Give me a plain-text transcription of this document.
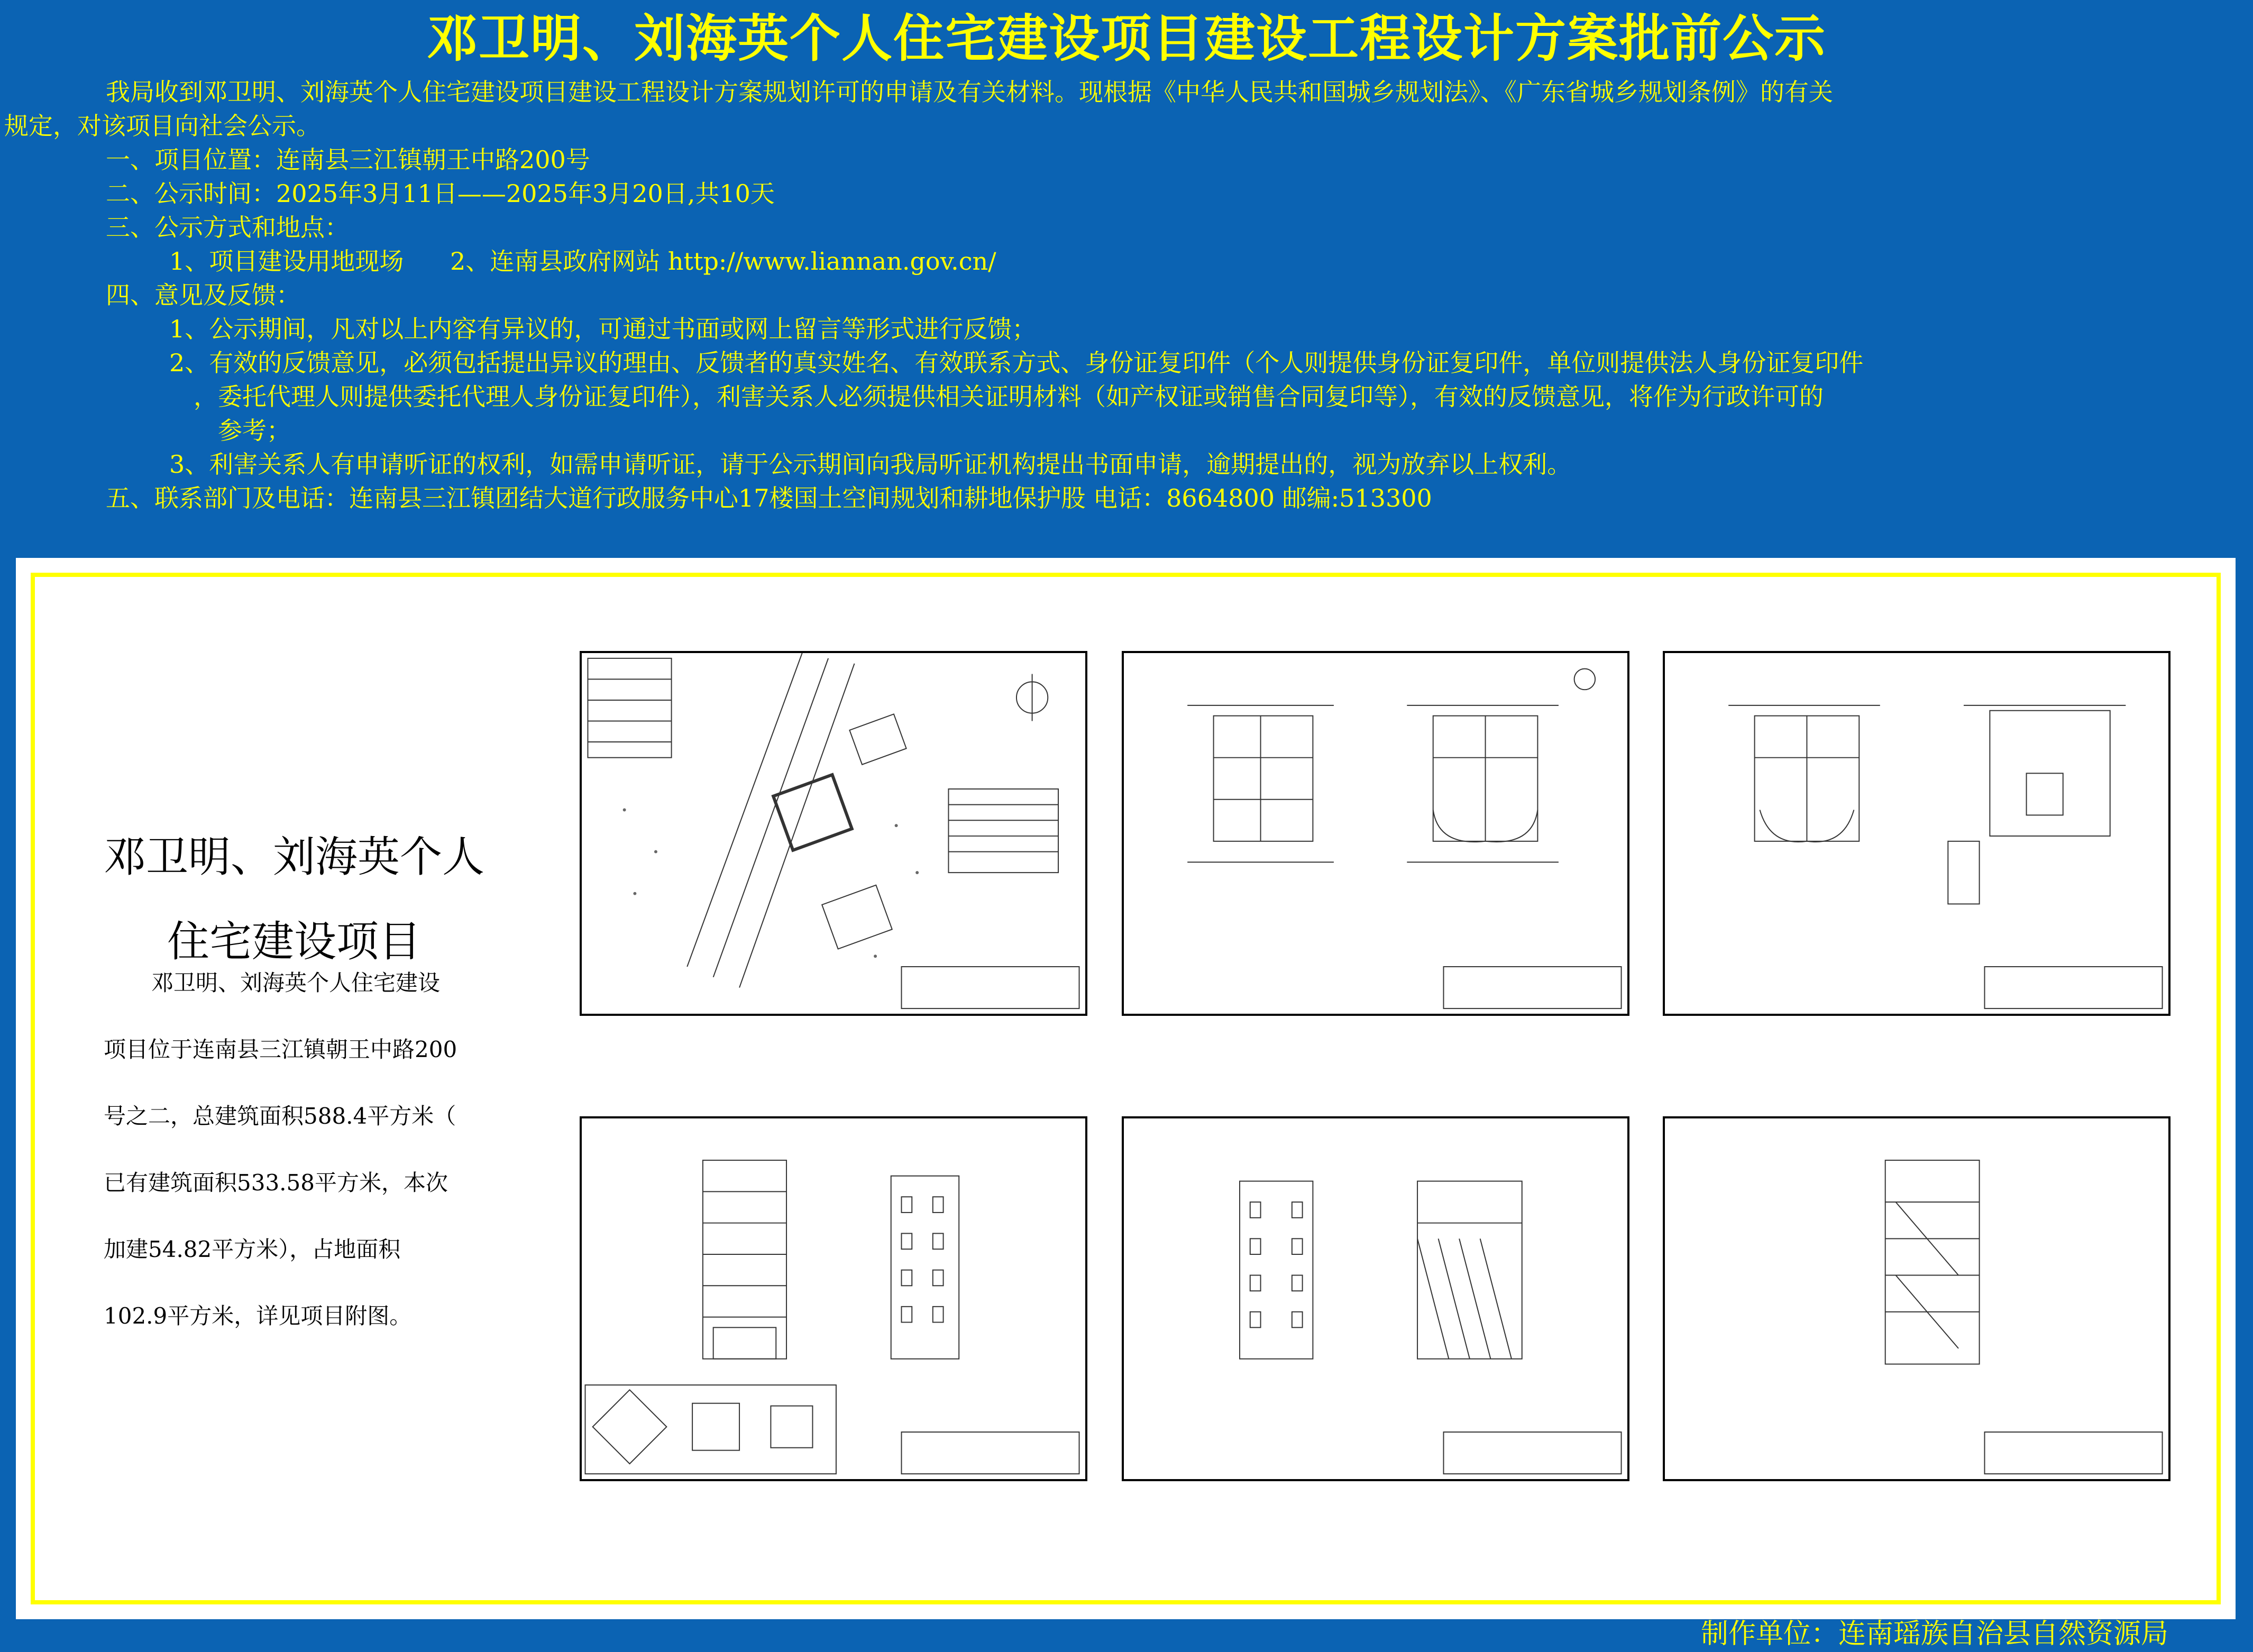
邓卫明、刘海英个人住宅建设项目建设工程设计方案批前公示
我局收到邓卫明、刘海英个人住宅建设项目建设工程设计方案规划许可的申请及有关材料。现根据《中华人民共和国城乡规划法》、《广东省城乡规划条例》的有关
规定，对该项目向社会公示。
一、项目位置：连南县三江镇朝王中路200号
二、公示时间：2025年3月11日——2025年3月20日,共10天
三、公示方式和地点：
1、项目建设用地现场      2、连南县政府网站 http://www.liannan.gov.cn/
四、意见及反馈：
1、公示期间，凡对以上内容有异议的，可通过书面或网上留言等形式进行反馈；
2、有效的反馈意见，必须包括提出异议的理由、反馈者的真实姓名、有效联系方式、身份证复印件（个人则提供身份证复印件，单位则提供法人身份证复印件
，委托代理人则提供委托代理人身份证复印件），利害关系人必须提供相关证明材料（如产权证或销售合同复印等），有效的反馈意见，将作为行政许可的
参考；
3、利害关系人有申请听证的权利，如需申请听证，请于公示期间向我局听证机构提出书面申请，逾期提出的，视为放弃以上权利。
五、联系部门及电话：连南县三江镇团结大道行政服务中心17楼国土空间规划和耕地保护股 电话：8664800 邮编:513300
邓卫明、刘海英个人
住宅建设项目
邓卫明、刘海英个人住宅建设
项目位于连南县三江镇朝王中路200
号之二，总建筑面积588.4平方米（
已有建筑面积533.58平方米，本次
加建54.82平方米），占地面积
102.9平方米，详见项目附图。
制作单位：连南瑶族自治县自然资源局
